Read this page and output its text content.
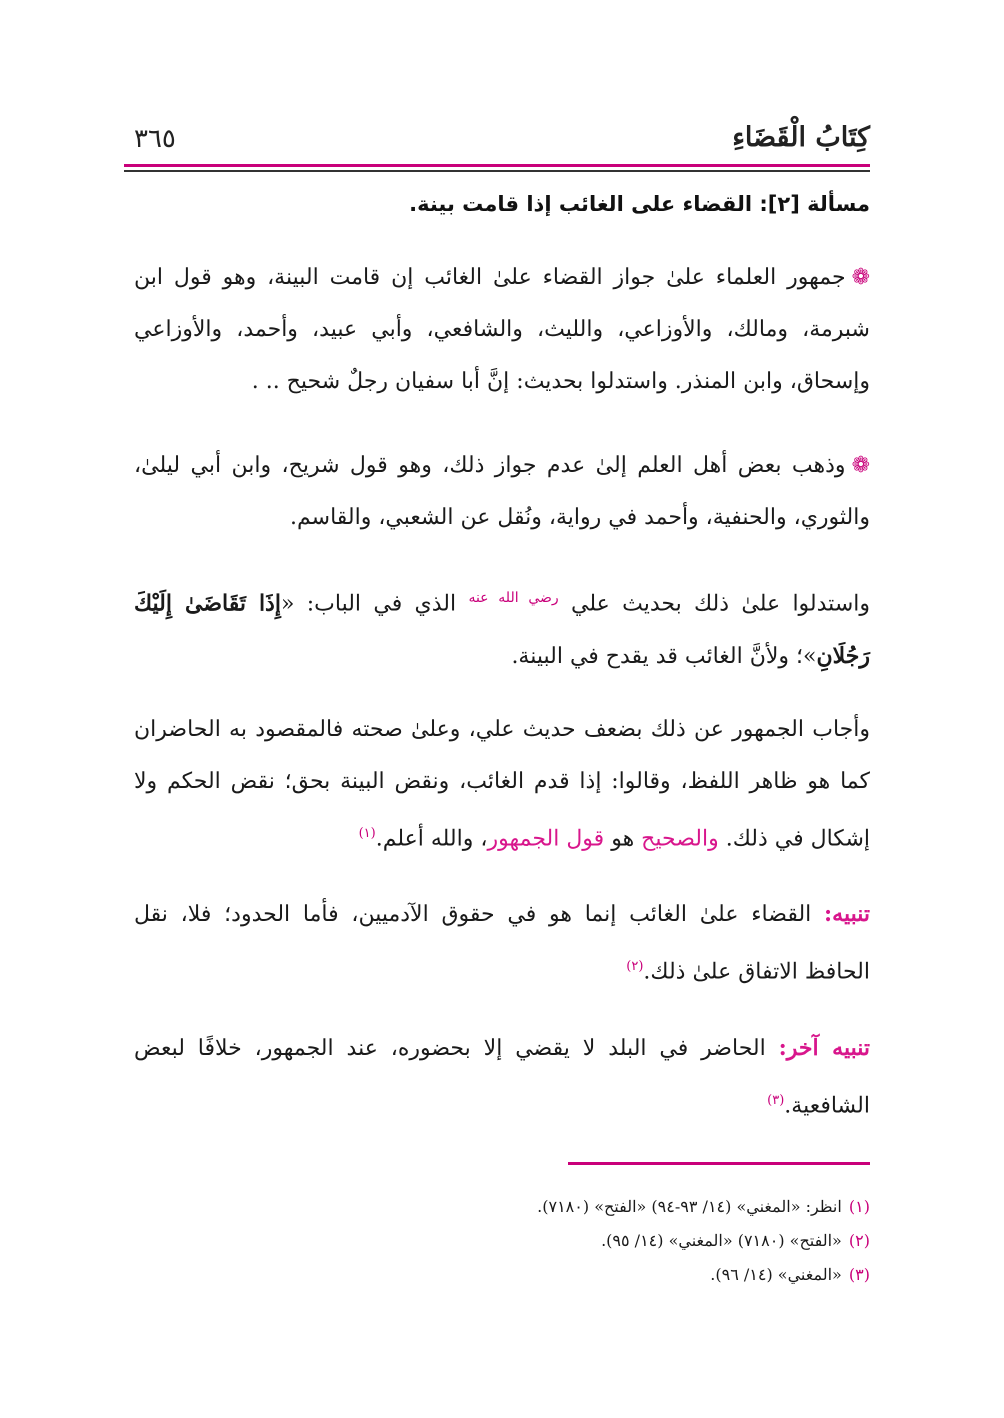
كِتَابُ الْقَضَاءِ
٣٦٥
مسألة [٢]: القضاء على الغائب إذا قامت بينة.
❁جمهور العلماء علىٰ جواز القضاء علىٰ الغائب إن قامت البينة، وهو قول ابن شبرمة، ومالك، والأوزاعي، والليث، والشافعي، وأبي عبيد، وأحمد، والأوزاعي وإسحاق، وابن المنذر. واستدلوا بحديث: إنَّ أبا سفيان رجلٌ شحيح .. .
❁وذهب بعض أهل العلم إلىٰ عدم جواز ذلك، وهو قول شريح، وابن أبي ليلىٰ، والثوري، والحنفية، وأحمد في رواية، ونُقل عن الشعبي، والقاسم.
واستدلوا علىٰ ذلك بحديث علي $^{رضي الله عنه}$ الذي في الباب: «إِذَا تَقَاضَىٰ إِلَيْكَ رَجُلَانِ»؛ ولأنَّ الغائب قد يقدح في البينة.
وأجاب الجمهور عن ذلك بضعف حديث علي، وعلىٰ صحته فالمقصود به الحاضران كما هو ظاهر اللفظ، وقالوا: إذا قدم الغائب، ونقض البينة بحق؛ نقض الحكم ولا إشكال في ذلك. والصحيح هو قول الجمهور، والله أعلم.$^{(١)}$
تنبيه: القضاء علىٰ الغائب إنما هو في حقوق الآدميين، فأما الحدود؛ فلا، نقل الحافظ الاتفاق علىٰ ذلك.$^{(٢)}$
تنبيه آخر: الحاضر في البلد لا يقضي إلا بحضوره، عند الجمهور، خلافًا لبعض الشافعية.$^{(٣)}$
(١) انظر: «المغني» (١٤/ ٩٣-٩٤) «الفتح» (٧١٨٠).
(٢) «الفتح» (٧١٨٠) «المغني» (١٤/ ٩٥).
(٣) «المغني» (١٤/ ٩٦).
